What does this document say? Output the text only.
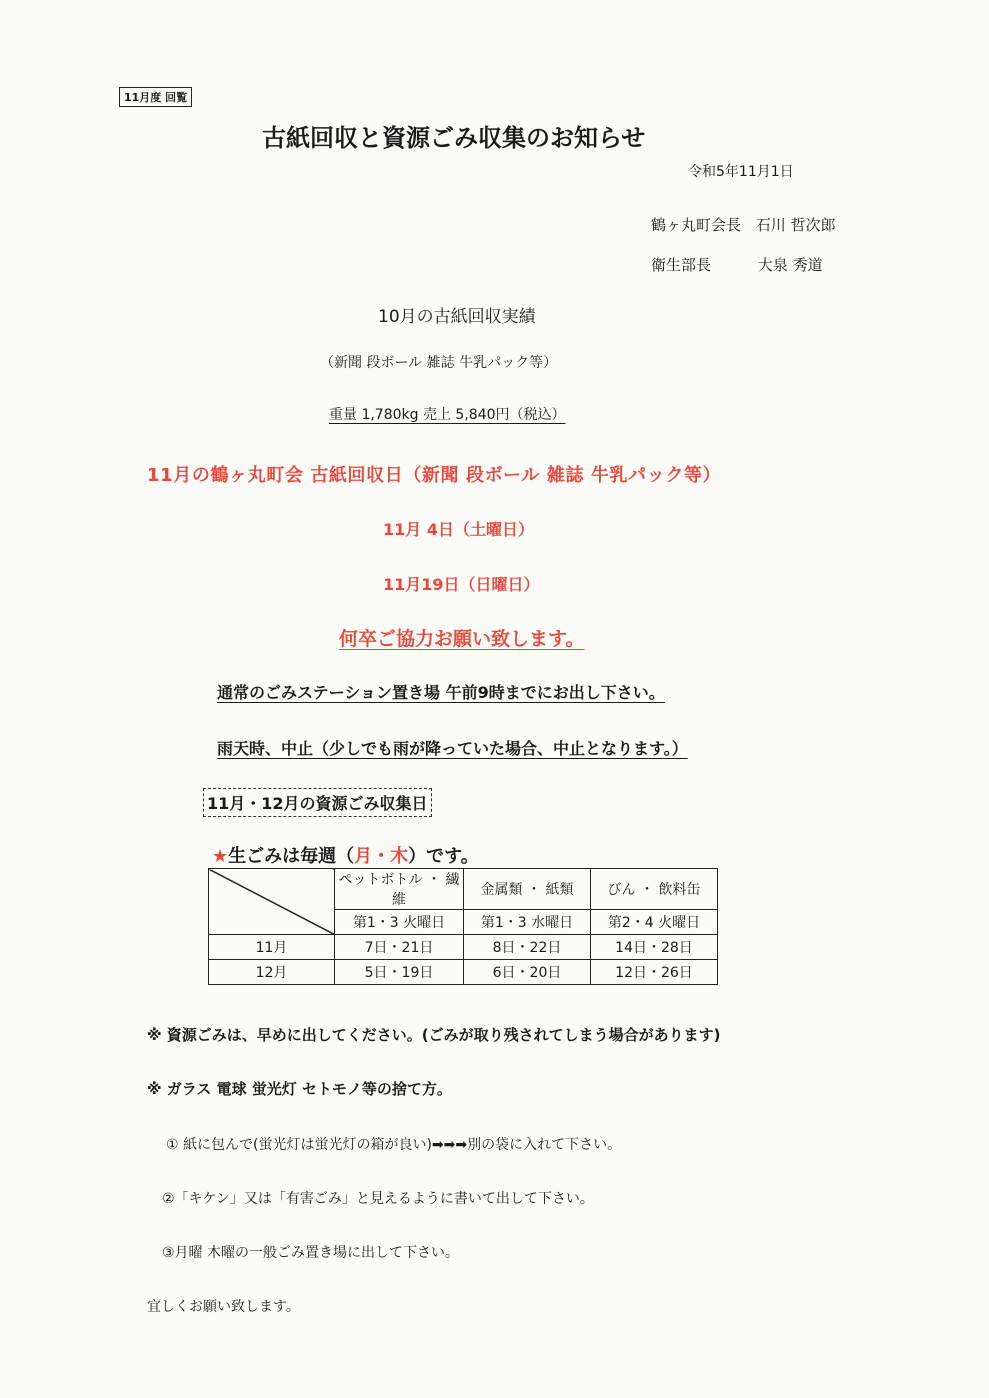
11月度 回覧
古紙回収と資源ごみ収集のお知らせ
令和5年11月1日
鶴ヶ丸町会長 石川 哲次郎
衛生部長	大泉 秀道
10月の古紙回収実績
（新聞 段ボール 雑誌 牛乳パック等）
重量 1,780kg 売上 5,840円（税込）
11月の鶴ヶ丸町会 古紙回収日（新聞 段ボール 雑誌 牛乳パック等）
11月 4日（土曜日）
11月19日（日曜日）
何卒ご協力お願い致します。
通常のごみステーション置き場 午前9時までにお出し下さい。
雨天時、中止（少しでも雨が降っていた場合、中止となります。）
11月・12月の資源ごみ収集日
★生ごみは毎週（月・木）です。
	ペットボトル ・ 繊維	金属類 ・ 紙類	びん ・ 飲料缶
	第1・3 火曜日	第1・3 水曜日	第2・4 火曜日
11月	7日・21日	8日・22日	14日・28日
12月	5日・19日	6日・20日	12日・26日
※ 資源ごみは、早めに出してください。(ごみが取り残されてしまう場合があります)
※ ガラス 電球 蛍光灯 セトモノ等の捨て方。
① 紙に包んで(蛍光灯は蛍光灯の箱が良い)➡➡➡別の袋に入れて下さい。
②「キケン」又は「有害ごみ」と見えるように書いて出して下さい。
③月曜 木曜の一般ごみ置き場に出して下さい。
宜しくお願い致します。
